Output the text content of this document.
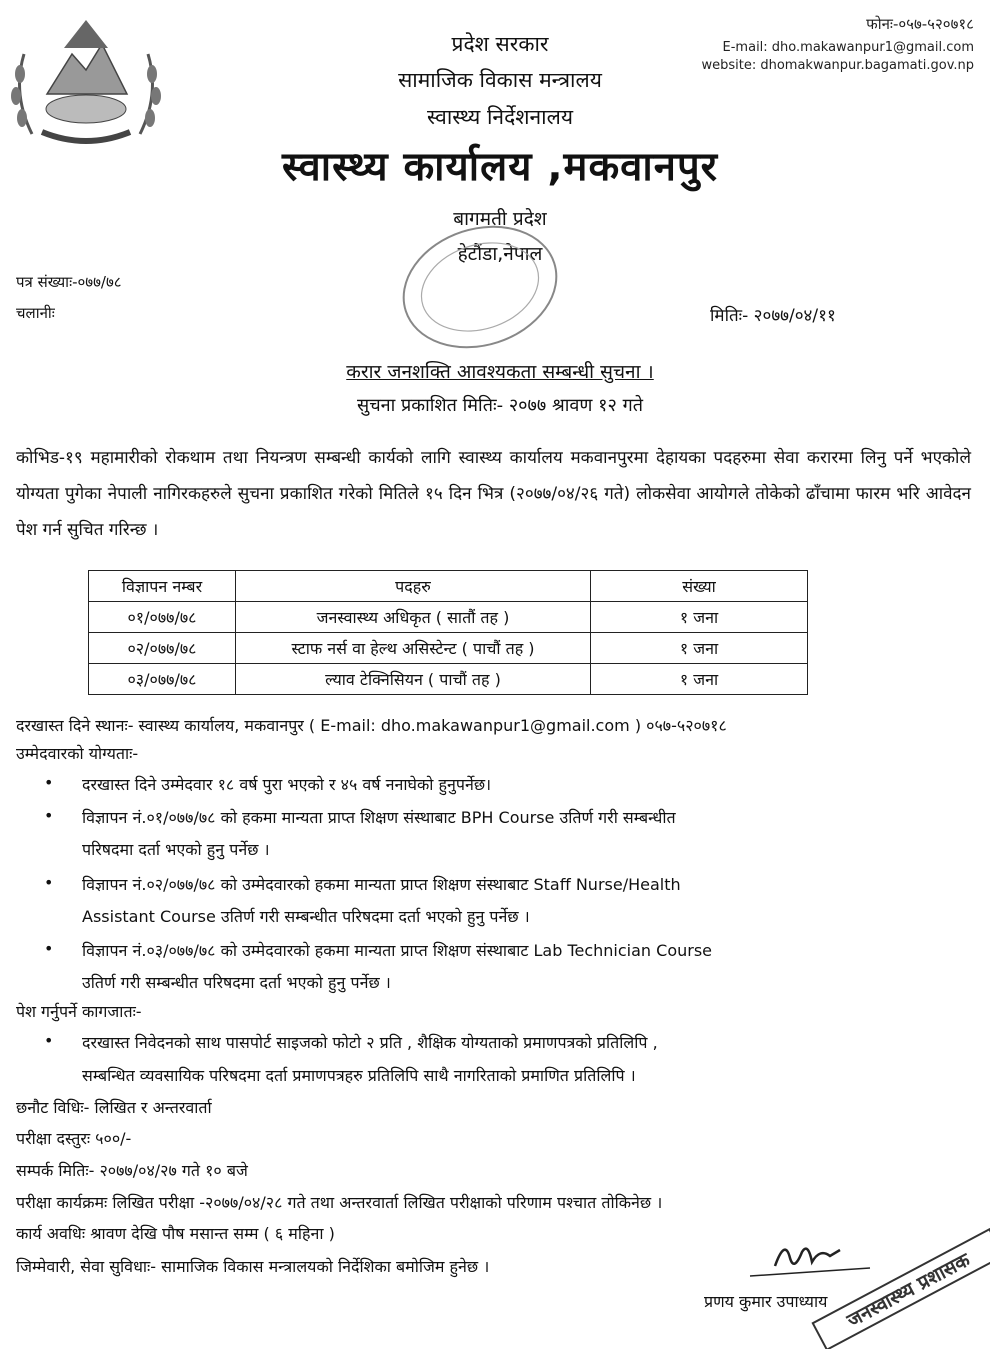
प्रदेश सरकार
सामाजिक विकास मन्त्रालय
स्वास्थ्य निर्देशनालय
स्वास्थ्य कार्यालय ,मकवानपुर
बागमती प्रदेश
हेटौंडा,नेपाल
फोनः-०५७-५२०७१८
E-mail: dho.makawanpur1@gmail.com
website: dhomakwanpur.bagamati.gov.np
पत्र संख्याः-०७७/७८
चलानीः	मितिः- २०७७/०४/११
करार जनशक्ति आवश्यकता सम्बन्धी सुचना ।
सुचना प्रकाशित मितिः- २०७७ श्रावण १२ गते
कोभिड-१९ महामारीको रोकथाम तथा नियन्त्रण सम्बन्धी कार्यको लागि स्वास्थ्य कार्यालय मकवानपुरमा देहायका पदहरुमा सेवा करारमा लिनु पर्ने भएकोले योग्यता पुगेका नेपाली नागिरकहरुले सुचना प्रकाशित गरेको मितिले १५ दिन भित्र (२०७७/०४/२६ गते) लोकसेवा आयोगले तोकेको ढाँचामा फारम भरि आवेदन पेश गर्न सुचित गरिन्छ ।
विज्ञापन नम्बर	पदहरु	संख्या
०१/०७७/७८	जनस्वास्थ्य अधिकृत ( सातौं तह )	१ जना
०२/०७७/७८	स्टाफ नर्स वा हेल्थ असिस्टेन्ट ( पाचौं तह )	१ जना
०३/०७७/७८	ल्याव टेक्निसियन ( पाचौं तह )	१ जना
दरखास्त दिने स्थानः- स्वास्थ्य कार्यालय, मकवानपुर ( E-mail: dho.makawanpur1@gmail.com ) ०५७-५२०७१८
उम्मेदवारको योग्यताः-
• दरखास्त दिने उम्मेदवार १८ वर्ष पुरा भएको र ४५ वर्ष ननाघेको हुनुपर्नेछ।
• विज्ञापन नं.०१/०७७/७८ को हकमा मान्यता प्राप्त शिक्षण संस्थाबाट BPH Course उतिर्ण गरी सम्बन्धीत
परिषदमा दर्ता भएको हुनु पर्नेछ ।
• विज्ञापन नं.०२/०७७/७८ को उम्मेदवारको हकमा मान्यता प्राप्त शिक्षण संस्थाबाट Staff Nurse/Health
Assistant Course उतिर्ण गरी सम्बन्धीत परिषदमा दर्ता भएको हुनु पर्नेछ ।
• विज्ञापन नं.०३/०७७/७८ को उम्मेदवारको हकमा मान्यता प्राप्त शिक्षण संस्थाबाट Lab Technician Course
उतिर्ण गरी सम्बन्धीत परिषदमा दर्ता भएको हुनु पर्नेछ ।
पेश गर्नुपर्ने कागजातः-
• दरखास्त निवेदनको साथ पासपोर्ट साइजको फोटो २ प्रति , शैक्षिक योग्यताको प्रमाणपत्रको प्रतिलिपि ,
सम्बन्धित व्यवसायिक परिषदमा दर्ता प्रमाणपत्रहरु प्रतिलिपि साथै नागरिताको प्रमाणित प्रतिलिपि ।
छनौट विधिः- लिखित र अन्तरवार्ता
परीक्षा दस्तुरः ५००/-
सम्पर्क मितिः- २०७७/०४/२७ गते १० बजे
परीक्षा कार्यक्रमः लिखित परीक्षा -२०७७/०४/२८ गते तथा अन्तरवार्ता लिखित परीक्षाको परिणाम पश्चात तोकिनेछ ।
कार्य अवधिः श्रावण देखि पौष मसान्त सम्म ( ६ महिना )
जिम्मेवारी, सेवा सुविधाः- सामाजिक विकास मन्त्रालयको निर्देशिका बमोजिम हुनेछ ।	जनस्वास्थ्य प्रशासक
प्रणय कुमार उपाध्याय
